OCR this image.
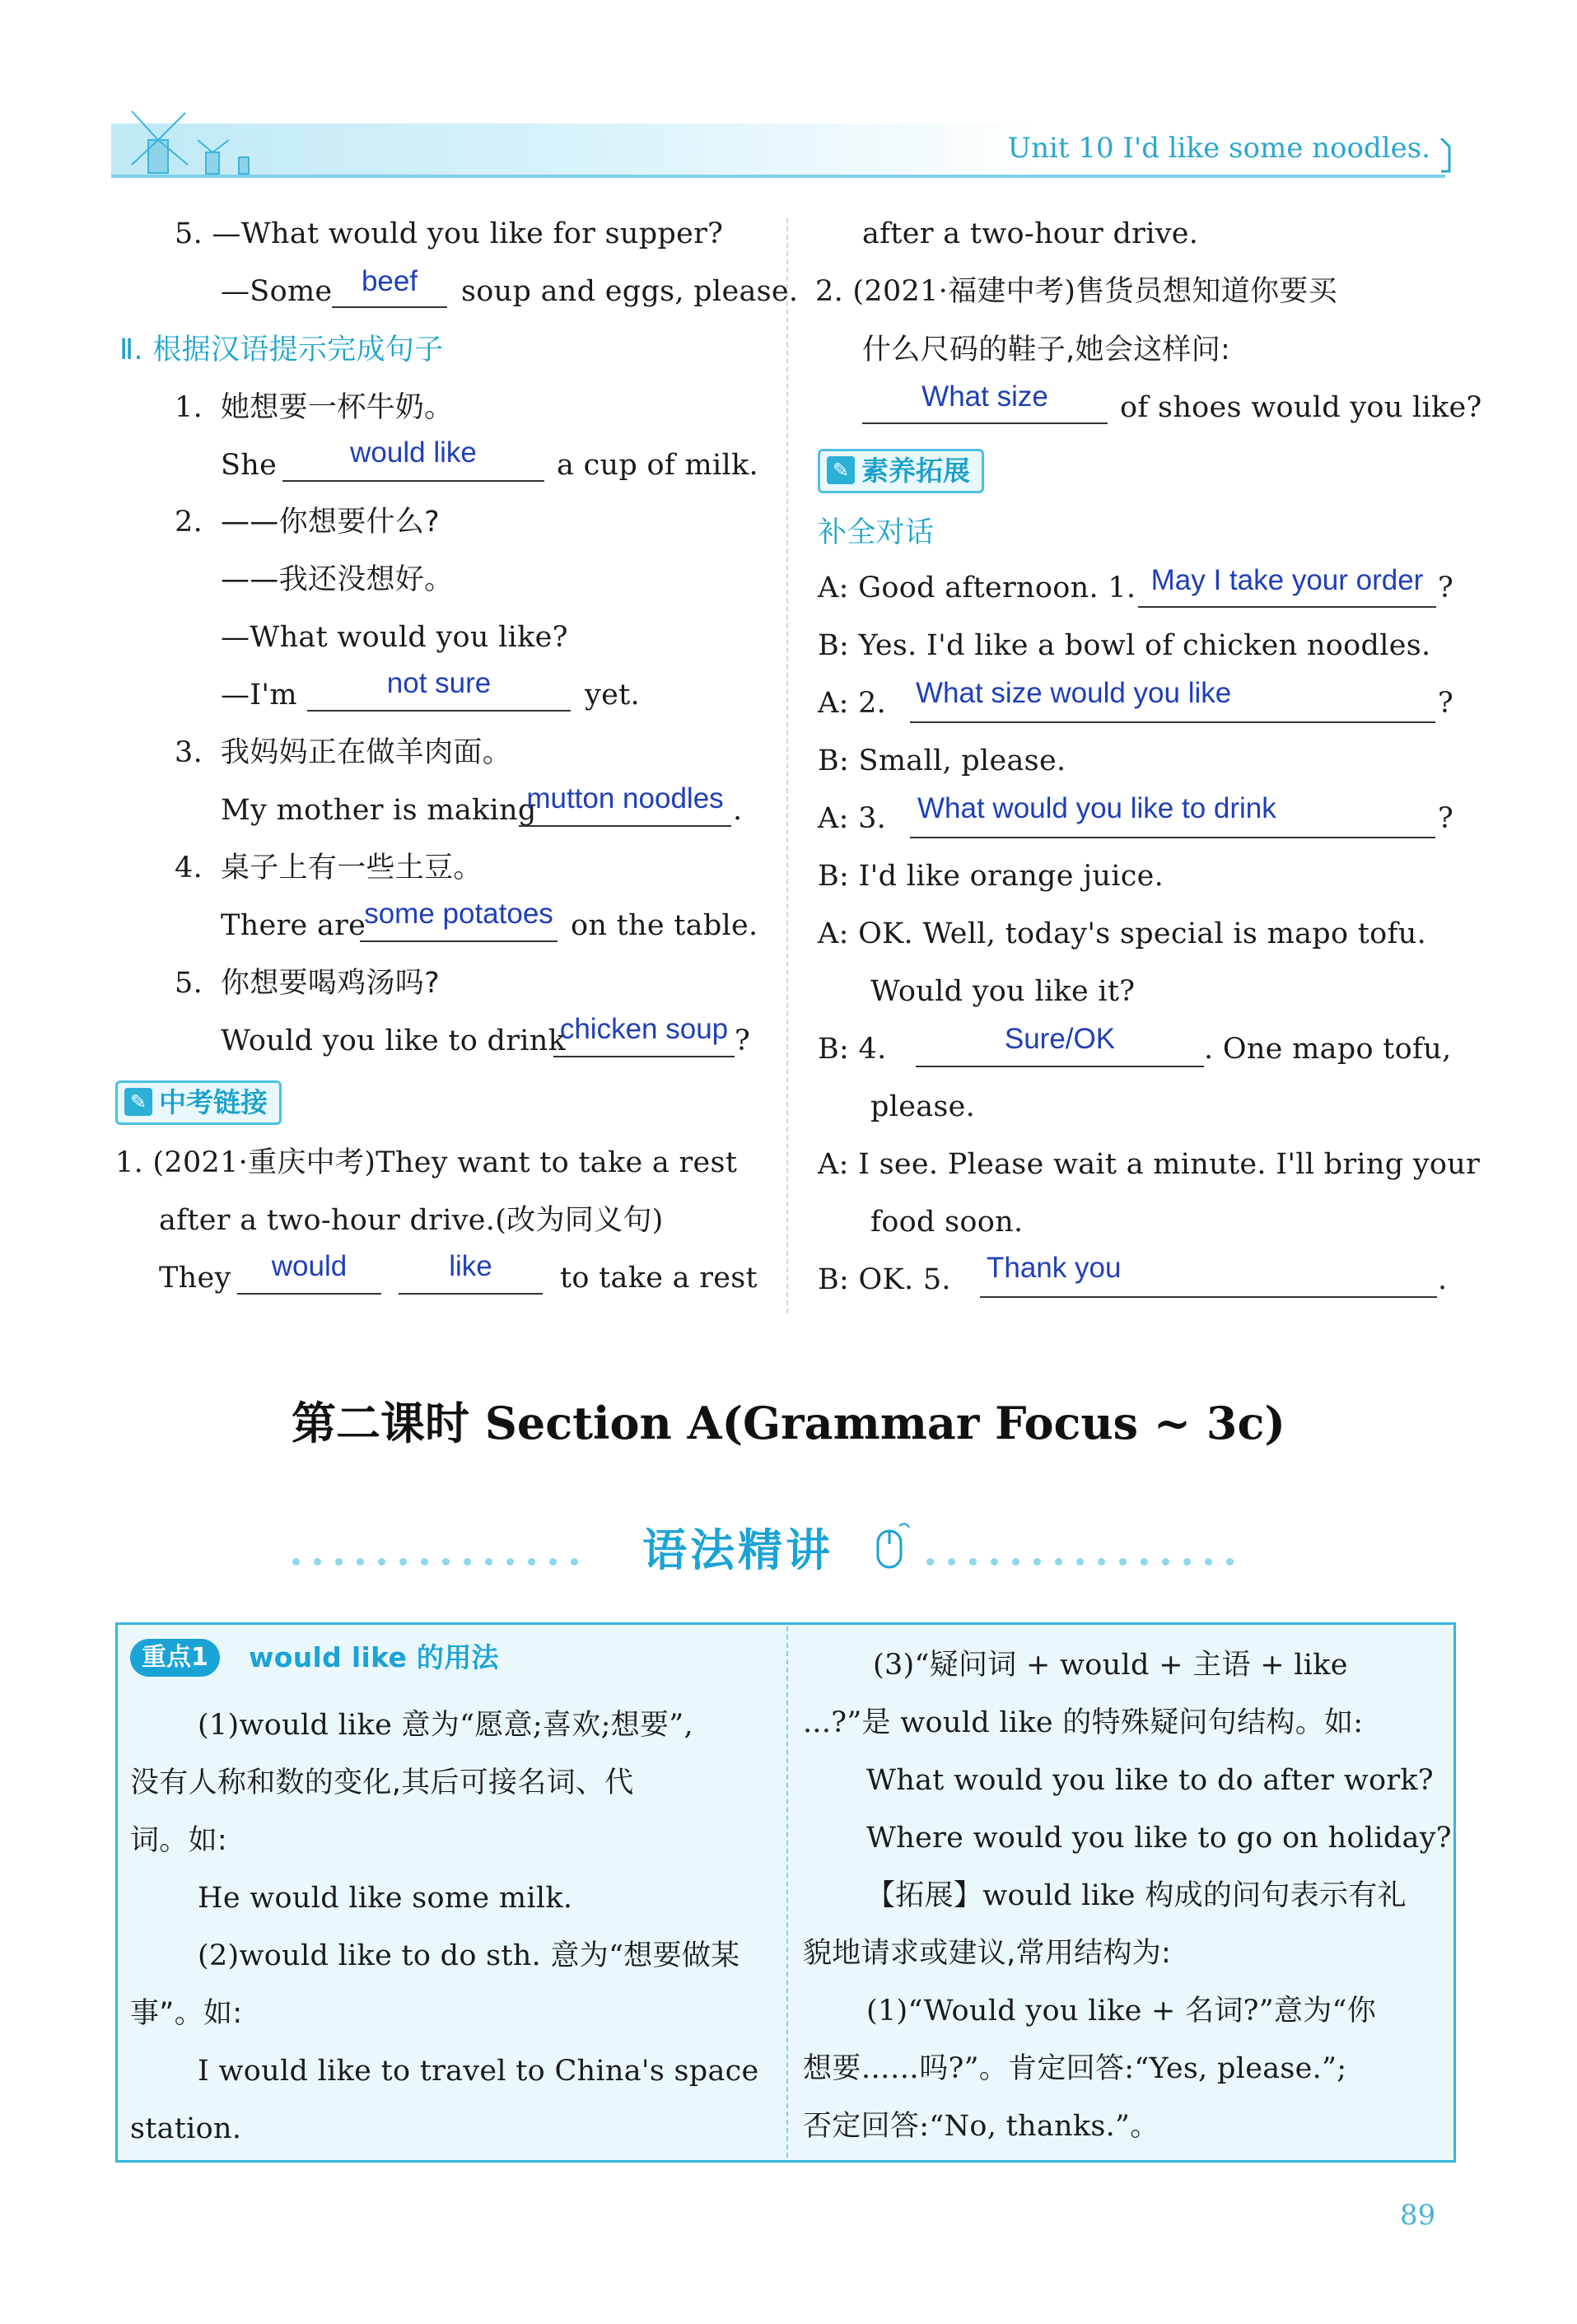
Unit 10 I'd like some noodles.
5. —What would you like for supper?
—Some	beef	soup and eggs, please.
Ⅱ. 根据汉语提示完成句子
1. 她想要一杯牛奶。
She	would like	a cup of milk.
2. ——你想要什么?
——我还没想好。
—What would you like?
—I'm	not sure	yet.
3. 我妈妈正在做羊肉面。
My mother is making
mutton noodles .
4. 桌子上有一些土豆。
There are
some potatoes on the table.
5. 你想要喝鸡汤吗?
Would you like to drink
chicken soup ?
✎ 中考链接
1. (2021·重庆中考)They want to take a rest
after a two-hour drive.(改为同义句)
They	would	like	to take a rest
after a two-hour drive.
2. (2021·福建中考)售货员想知道你要买
什么尺码的鞋子,她会这样问:
What size	of shoes would you like?
✎ 素养拓展
补全对话
A: Good afternoon. 1. May I take your order ?
B: Yes. I'd like a bowl of chicken noodles.
A: 2. What size would you like	?
B: Small, please.
A: 3. What would you like to drink	?
B: I'd like orange juice.
A: OK. Well, today's special is mapo tofu.
Would you like it?
B: 4.	Sure/OK	. One mapo tofu,
please.
A: I see. Please wait a minute. I'll bring your
food soon.
B: OK. 5. Thank you	.
第二课时 Section A(Grammar Focus ~ 3c)
语法精讲
重点1	would like 的用法
(1)would like 意为“愿意;喜欢;想要”,
没有人称和数的变化,其后可接名词、代
词。如:
He would like some milk.
(2)would like to do sth. 意为“想要做某
事”。如:
I would like to travel to China's space
station.
(3)“疑问词 + would + 主语 + like
...?”是 would like 的特殊疑问句结构。如:
What would you like to do after work?
Where would you like to go on holiday?
【拓展】would like 构成的问句表示有礼
貌地请求或建议,常用结构为:
(1)“Would you like + 名词?”意为“你
想要……吗?”。肯定回答:“Yes, please.”;
否定回答:“No, thanks.”。
89
